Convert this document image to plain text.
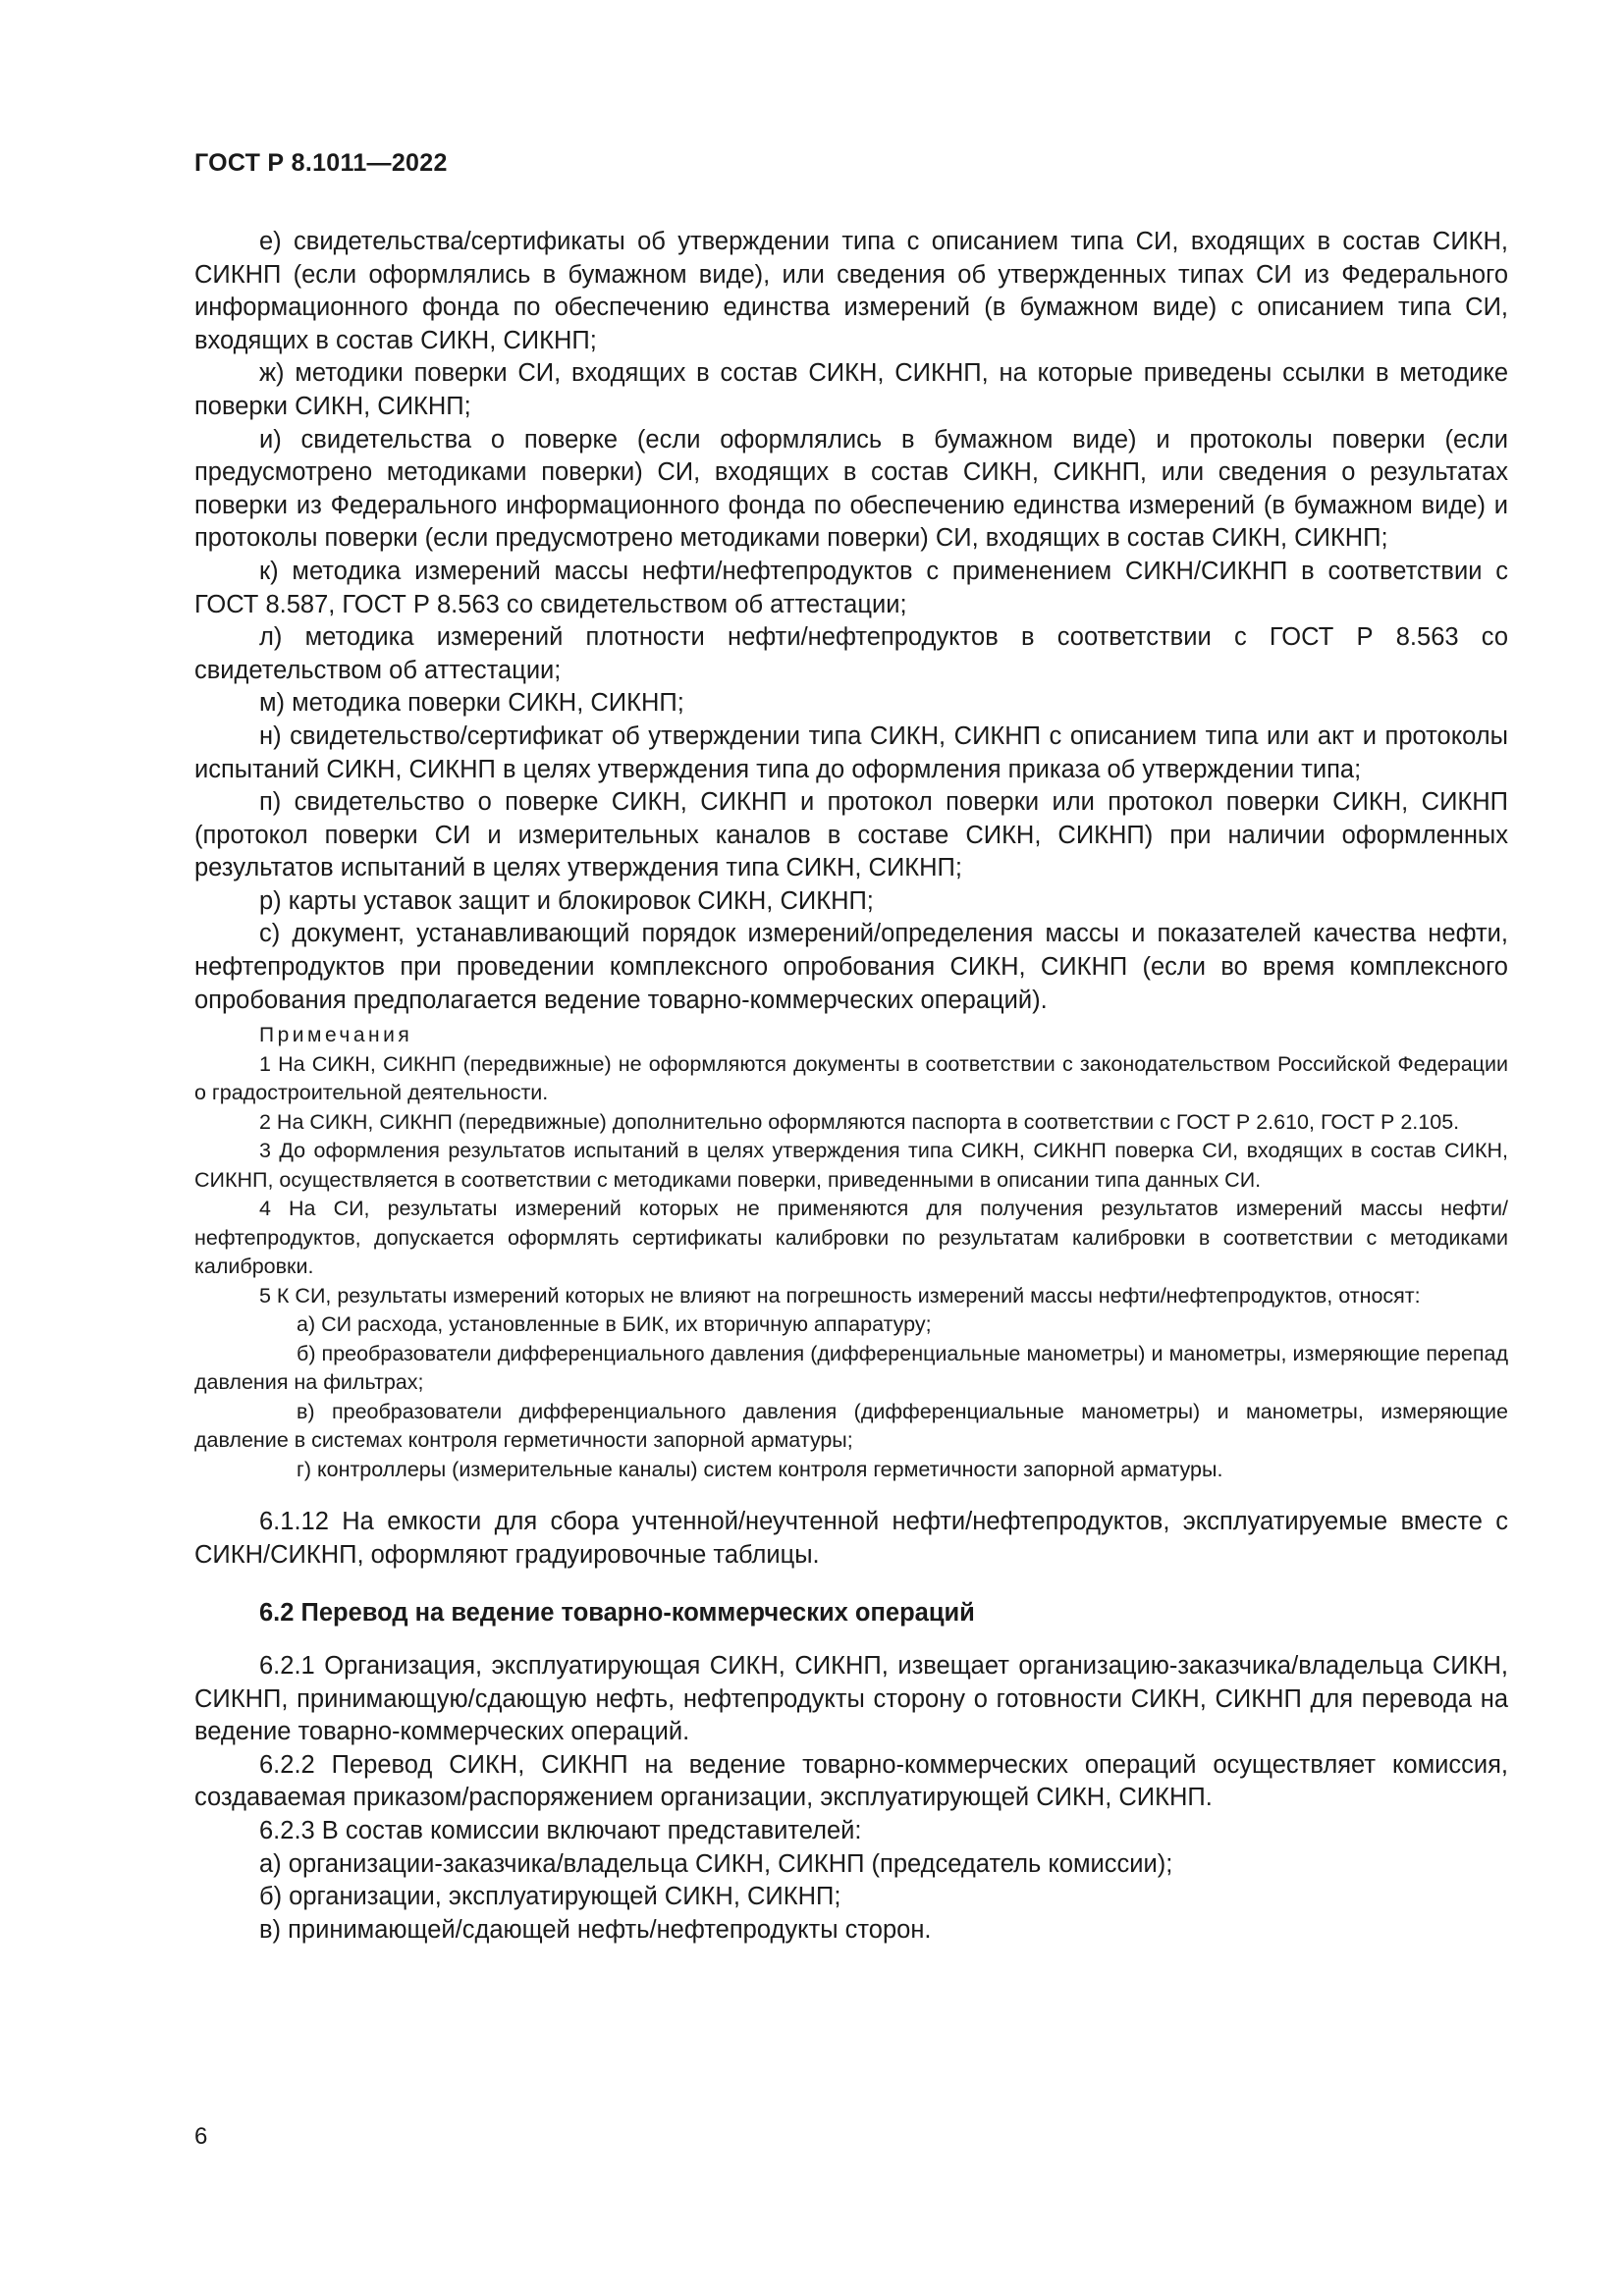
ГОСТ Р 8.1011—2022

е) свидетельства/сертификаты об утверждении типа с описанием типа СИ, входящих в состав СИКН, СИКНП (если оформлялись в бумажном виде), или сведения об утвержденных типах СИ из Федерального информационного фонда по обеспечению единства измерений (в бумажном виде) с описанием типа СИ, входящих в состав СИКН, СИКНП;

ж) методики поверки СИ, входящих в состав СИКН, СИКНП, на которые приведены ссылки в методике поверки СИКН, СИКНП;

и) свидетельства о поверке (если оформлялись в бумажном виде) и протоколы поверки (если предусмотрено методиками поверки) СИ, входящих в состав СИКН, СИКНП, или сведения о результатах поверки из Федерального информационного фонда по обеспечению единства измерений (в бумажном виде) и протоколы поверки (если предусмотрено методиками поверки) СИ, входящих в состав СИКН, СИКНП;

к) методика измерений массы нефти/нефтепродуктов с применением СИКН/СИКНП в соответствии с ГОСТ 8.587, ГОСТ Р 8.563 со свидетельством об аттестации;

л) методика измерений плотности нефти/нефтепродуктов в соответствии с ГОСТ Р 8.563 со свидетельством об аттестации;

м) методика поверки СИКН, СИКНП;

н) свидетельство/сертификат об утверждении типа СИКН, СИКНП с описанием типа или акт и протоколы испытаний СИКН, СИКНП в целях утверждения типа до оформления приказа об утверждении типа;

п) свидетельство о поверке СИКН, СИКНП и протокол поверки или протокол поверки СИКН, СИКНП (протокол поверки СИ и измерительных каналов в составе СИКН, СИКНП) при наличии оформленных результатов испытаний в целях утверждения типа СИКН, СИКНП;

р) карты уставок защит и блокировок СИКН, СИКНП;

с) документ, устанавливающий порядок измерений/определения массы и показателей качества нефти, нефтепродуктов при проведении комплексного опробования СИКН, СИКНП (если во время комплексного опробования предполагается ведение товарно-коммерческих операций).

Примечания

1 На СИКН, СИКНП (передвижные) не оформляются документы в соответствии с законодательством Российской Федерации о градостроительной деятельности.

2 На СИКН, СИКНП (передвижные) дополнительно оформляются паспорта в соответствии с ГОСТ Р 2.610, ГОСТ Р 2.105.

3 До оформления результатов испытаний в целях утверждения типа СИКН, СИКНП поверка СИ, входящих в состав СИКН, СИКНП, осуществляется в соответствии с методиками поверки, приведенными в описании типа данных СИ.

4 На СИ, результаты измерений которых не применяются для получения результатов измерений массы нефти/нефтепродуктов, допускается оформлять сертификаты калибровки по результатам калибровки в соответствии с методиками калибровки.

5 К СИ, результаты измерений которых не влияют на погрешность измерений массы нефти/нефтепродуктов, относят:

а) СИ расхода, установленные в БИК, их вторичную аппаратуру;

б) преобразователи дифференциального давления (дифференциальные манометры) и манометры, измеряющие перепад давления на фильтрах;

в) преобразователи дифференциального давления (дифференциальные манометры) и манометры, измеряющие давление в системах контроля герметичности запорной арматуры;

г) контроллеры (измерительные каналы) систем контроля герметичности запорной арматуры.

6.1.12 На емкости для сбора учтенной/неучтенной нефти/нефтепродуктов, эксплуатируемые вместе с СИКН/СИКНП, оформляют градуировочные таблицы.

6.2 Перевод на ведение товарно-коммерческих операций

6.2.1 Организация, эксплуатирующая СИКН, СИКНП, извещает организацию-заказчика/владельца СИКН, СИКНП, принимающую/сдающую нефть, нефтепродукты сторону о готовности СИКН, СИКНП для перевода на ведение товарно-коммерческих операций.

6.2.2 Перевод СИКН, СИКНП на ведение товарно-коммерческих операций осуществляет комиссия, создаваемая приказом/распоряжением организации, эксплуатирующей СИКН, СИКНП.

6.2.3 В состав комиссии включают представителей:

а) организации-заказчика/владельца СИКН, СИКНП (председатель комиссии);

б) организации, эксплуатирующей СИКН, СИКНП;

в) принимающей/сдающей нефть/нефтепродукты сторон.

6
